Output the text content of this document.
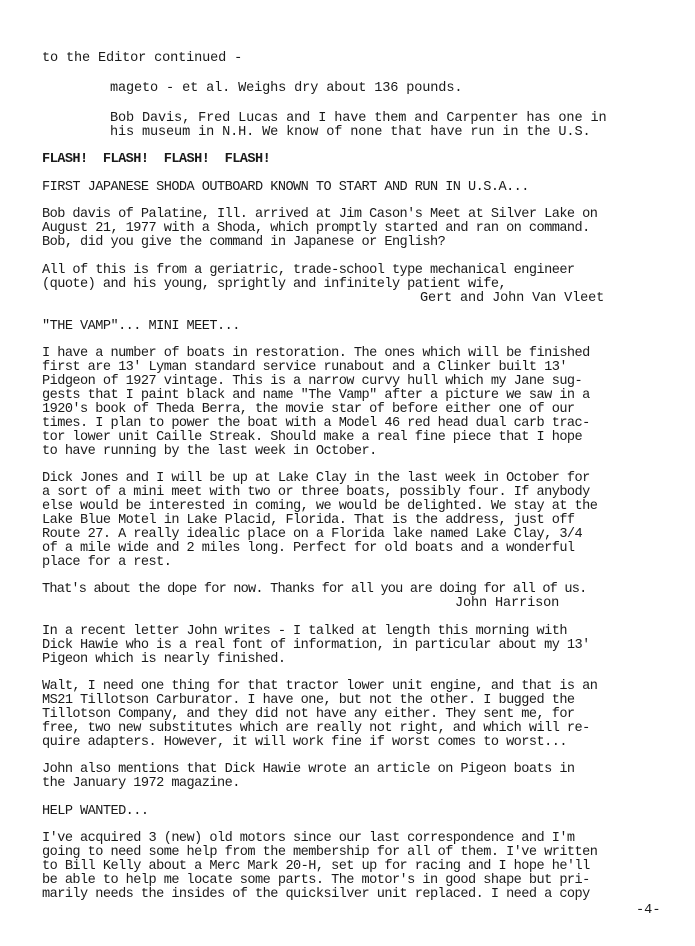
to the Editor continued -
mageto - et al. Weighs dry about 136 pounds.
Bob Davis, Fred Lucas and I have them and Carpenter has one in
his museum in N.H. We know of none that have run in the U.S.
FLASH!  FLASH!  FLASH!  FLASH!
FIRST JAPANESE SHODA OUTBOARD KNOWN TO START AND RUN IN U.S.A...
Bob davis of Palatine, Ill. arrived at Jim Cason's Meet at Silver Lake on
August 21, 1977 with a Shoda, which promptly started and ran on command.
Bob, did you give the command in Japanese or English?
All of this is from a geriatric, trade-school type mechanical engineer
(quote) and his young, sprightly and infinitely patient wife,
Gert and John Van Vleet
"THE VAMP"... MINI MEET...
I have a number of boats in restoration. The ones which will be finished
first are 13' Lyman standard service runabout and a Clinker built 13'
Pidgeon of 1927 vintage. This is a narrow curvy hull which my Jane sug-
gests that I paint black and name "The Vamp" after a picture we saw in a
1920's book of Theda Berra, the movie star of before either one of our
times. I plan to power the boat with a Model 46 red head dual carb trac-
tor lower unit Caille Streak. Should make a real fine piece that I hope
to have running by the last week in October.
Dick Jones and I will be up at Lake Clay in the last week in October for
a sort of a mini meet with two or three boats, possibly four. If anybody
else would be interested in coming, we would be delighted. We stay at the
Lake Blue Motel in Lake Placid, Florida. That is the address, just off
Route 27. A really idealic place on a Florida lake named Lake Clay, 3/4
of a mile wide and 2 miles long. Perfect for old boats and a wonderful
place for a rest.
That's about the dope for now. Thanks for all you are doing for all of us.
John Harrison
In a recent letter John writes - I talked at length this morning with
Dick Hawie who is a real font of information, in particular about my 13'
Pigeon which is nearly finished.
Walt, I need one thing for that tractor lower unit engine, and that is an
MS21 Tillotson Carburator. I have one, but not the other. I bugged the
Tillotson Company, and they did not have any either. They sent me, for
free, two new substitutes which are really not right, and which will re-
quire adapters. However, it will work fine if worst comes to worst...
John also mentions that Dick Hawie wrote an article on Pigeon boats in
the January 1972 magazine.
HELP WANTED...
I've acquired 3 (new) old motors since our last correspondence and I'm
going to need some help from the membership for all of them. I've written
to Bill Kelly about a Merc Mark 20-H, set up for racing and I hope he'll
be able to help me locate some parts. The motor's in good shape but pri-
marily needs the insides of the quicksilver unit replaced. I need a copy
-4-
